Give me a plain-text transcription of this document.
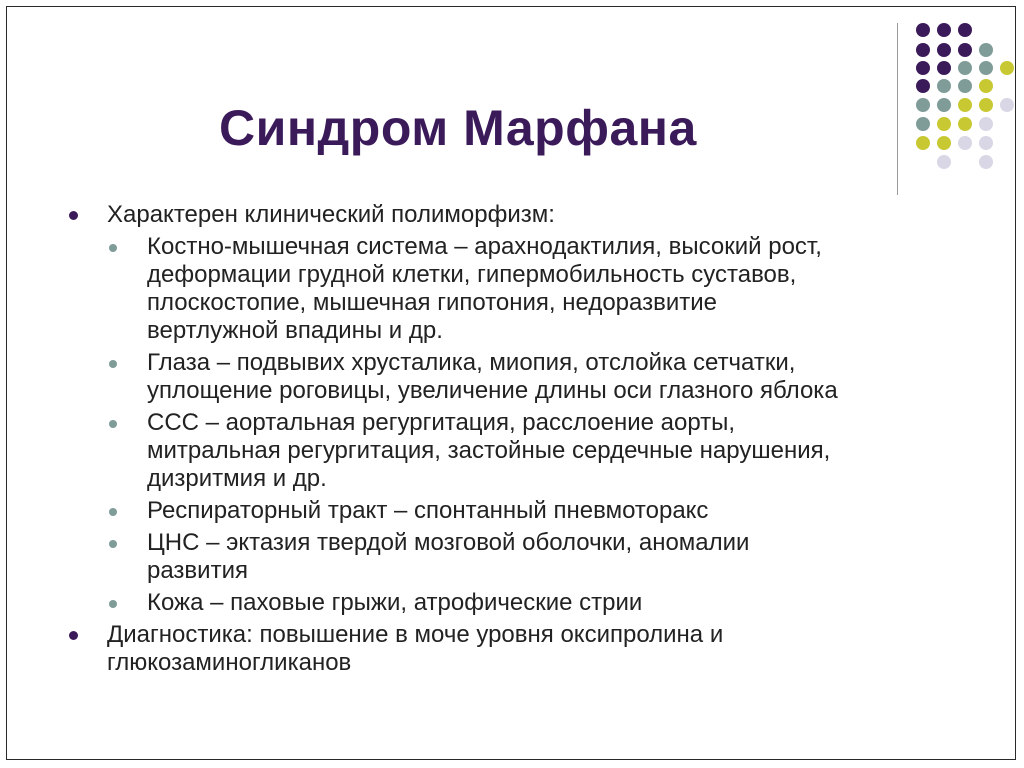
Синдром Марфана
Характерен клинический полиморфизм:
Костно-мышечная система – арахнодактилия, высокий рост,
деформации грудной клетки, гипермобильность суставов,
плоскостопие, мышечная гипотония, недоразвитие
вертлужной впадины и др.
Глаза – подвывих хрусталика, миопия, отслойка сетчатки,
уплощение роговицы, увеличение длины оси глазного яблока
ССС – аортальная регургитация, расслоение аорты,
митральная регургитация, застойные сердечные нарушения,
дизритмия и др.
Респираторный тракт – спонтанный пневмоторакс
ЦНС – эктазия твердой мозговой оболочки, аномалии
развития
Кожа – паховые грыжи, атрофические стрии
Диагностика: повышение в моче уровня оксипролина и
глюкозаминогликанов
